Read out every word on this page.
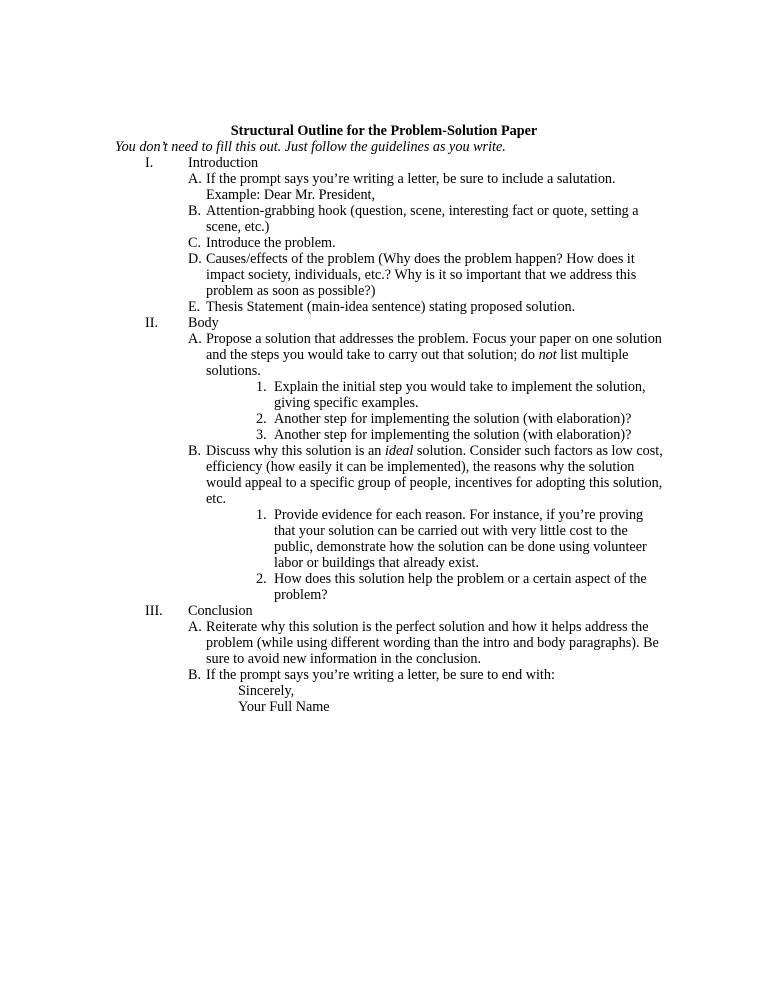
Structural Outline for the Problem-Solution Paper
You don’t need to fill this out. Just follow the guidelines as you write.
I.	Introduction
A. If the prompt says you’re writing a letter, be sure to include a salutation. Example: Dear Mr. President,
B. Attention-grabbing hook (question, scene, interesting fact or quote, setting a scene, etc.)
C. Introduce the problem.
D. Causes/effects of the problem (Why does the problem happen? How does it impact society, individuals, etc.? Why is it so important that we address this problem as soon as possible?)
E. Thesis Statement (main-idea sentence) stating proposed solution.
II.	Body
A. Propose a solution that addresses the problem. Focus your paper on one solution and the steps you would take to carry out that solution; do not list multiple solutions.
1. Explain the initial step you would take to implement the solution, giving specific examples.
2. Another step for implementing the solution (with elaboration)?
3. Another step for implementing the solution (with elaboration)?
B. Discuss why this solution is an ideal solution. Consider such factors as low cost, efficiency (how easily it can be implemented), the reasons why the solution would appeal to a specific group of people, incentives for adopting this solution, etc.
1. Provide evidence for each reason. For instance, if you’re proving that your solution can be carried out with very little cost to the public, demonstrate how the solution can be done using volunteer labor or buildings that already exist.
2. How does this solution help the problem or a certain aspect of the problem?
III.	Conclusion
A. Reiterate why this solution is the perfect solution and how it helps address the problem (while using different wording than the intro and body paragraphs). Be sure to avoid new information in the conclusion.
B. If the prompt says you’re writing a letter, be sure to end with:
Sincerely,
Your Full Name
